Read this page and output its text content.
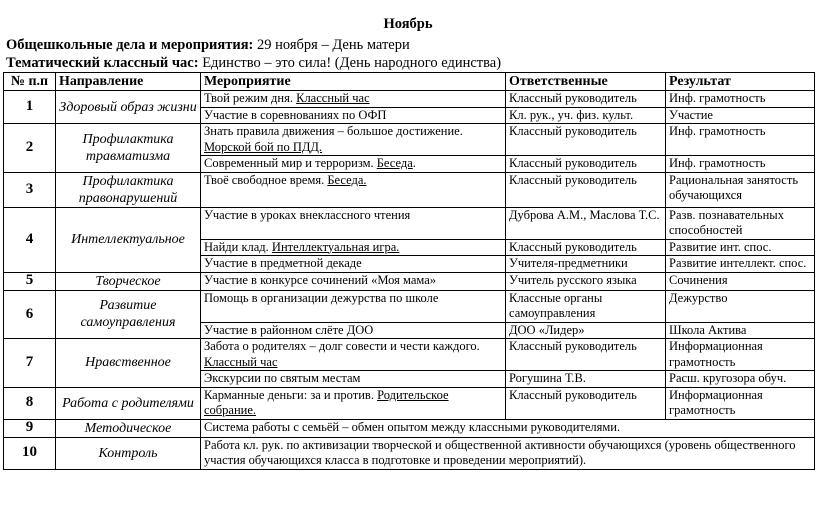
Ноябрь
Общешкольные дела и мероприятия: 29 ноября – День матери
Тематический классный час: Единство – это сила! (День народного единства)
№ п.п	Направление	Мероприятие	Ответственные	Результат
1	Здоровый образ жизни	Твой режим дня. Классный час	Классный руководитель	Инф. грамотность
		Участие в соревнованиях по ОФП	Кл. рук., уч. физ. культ.	Участие
2	Профилактика травматизма	Знать правила движения – большое достижение. Морской бой по ПДД.	Классный руководитель	Инф. грамотность
		Современный мир и терроризм. Беседа.	Классный руководитель	Инф. грамотность
3	Профилактика правонарушений	Твоё свободное время. Беседа.	Классный руководитель	Рациональная занятость обучающихся
4	Интеллектуальное	Участие в уроках внеклассного чтения	Дуброва А.М., Маслова Т.С.	Разв. познавательных способностей
		Найди клад. Интеллектуальная игра.	Классный руководитель	Развитие инт. спос.
		Участие в предметной декаде	Учителя-предметники	Развитие интеллект. спос.
5	Творческое	Участие в конкурсе сочинений «Моя мама»	Учитель русского языка	Сочинения
6	Развитие самоуправления	Помощь в организации дежурства по школе	Классные органы самоуправления	Дежурство
		Участие в районном слёте ДОО	ДОО «Лидер»	Школа Актива
7	Нравственное	Забота о родителях – долг совести и чести каждого. Классный час	Классный руководитель	Информационная грамотность
		Экскурсии по святым местам	Рогушина Т.В.	Расш. кругозора обуч.
8	Работа с родителями	Карманные деньги: за и против. Родительское собрание.	Классный руководитель	Информационная грамотность
9	Методическое	Система работы с семьёй – обмен опытом между классными руководителями.		
10	Контроль	Работа кл. рук. по активизации творческой и общественной активности обучающихся (уровень общественного участия обучающихся класса в подготовке и проведении мероприятий).		
